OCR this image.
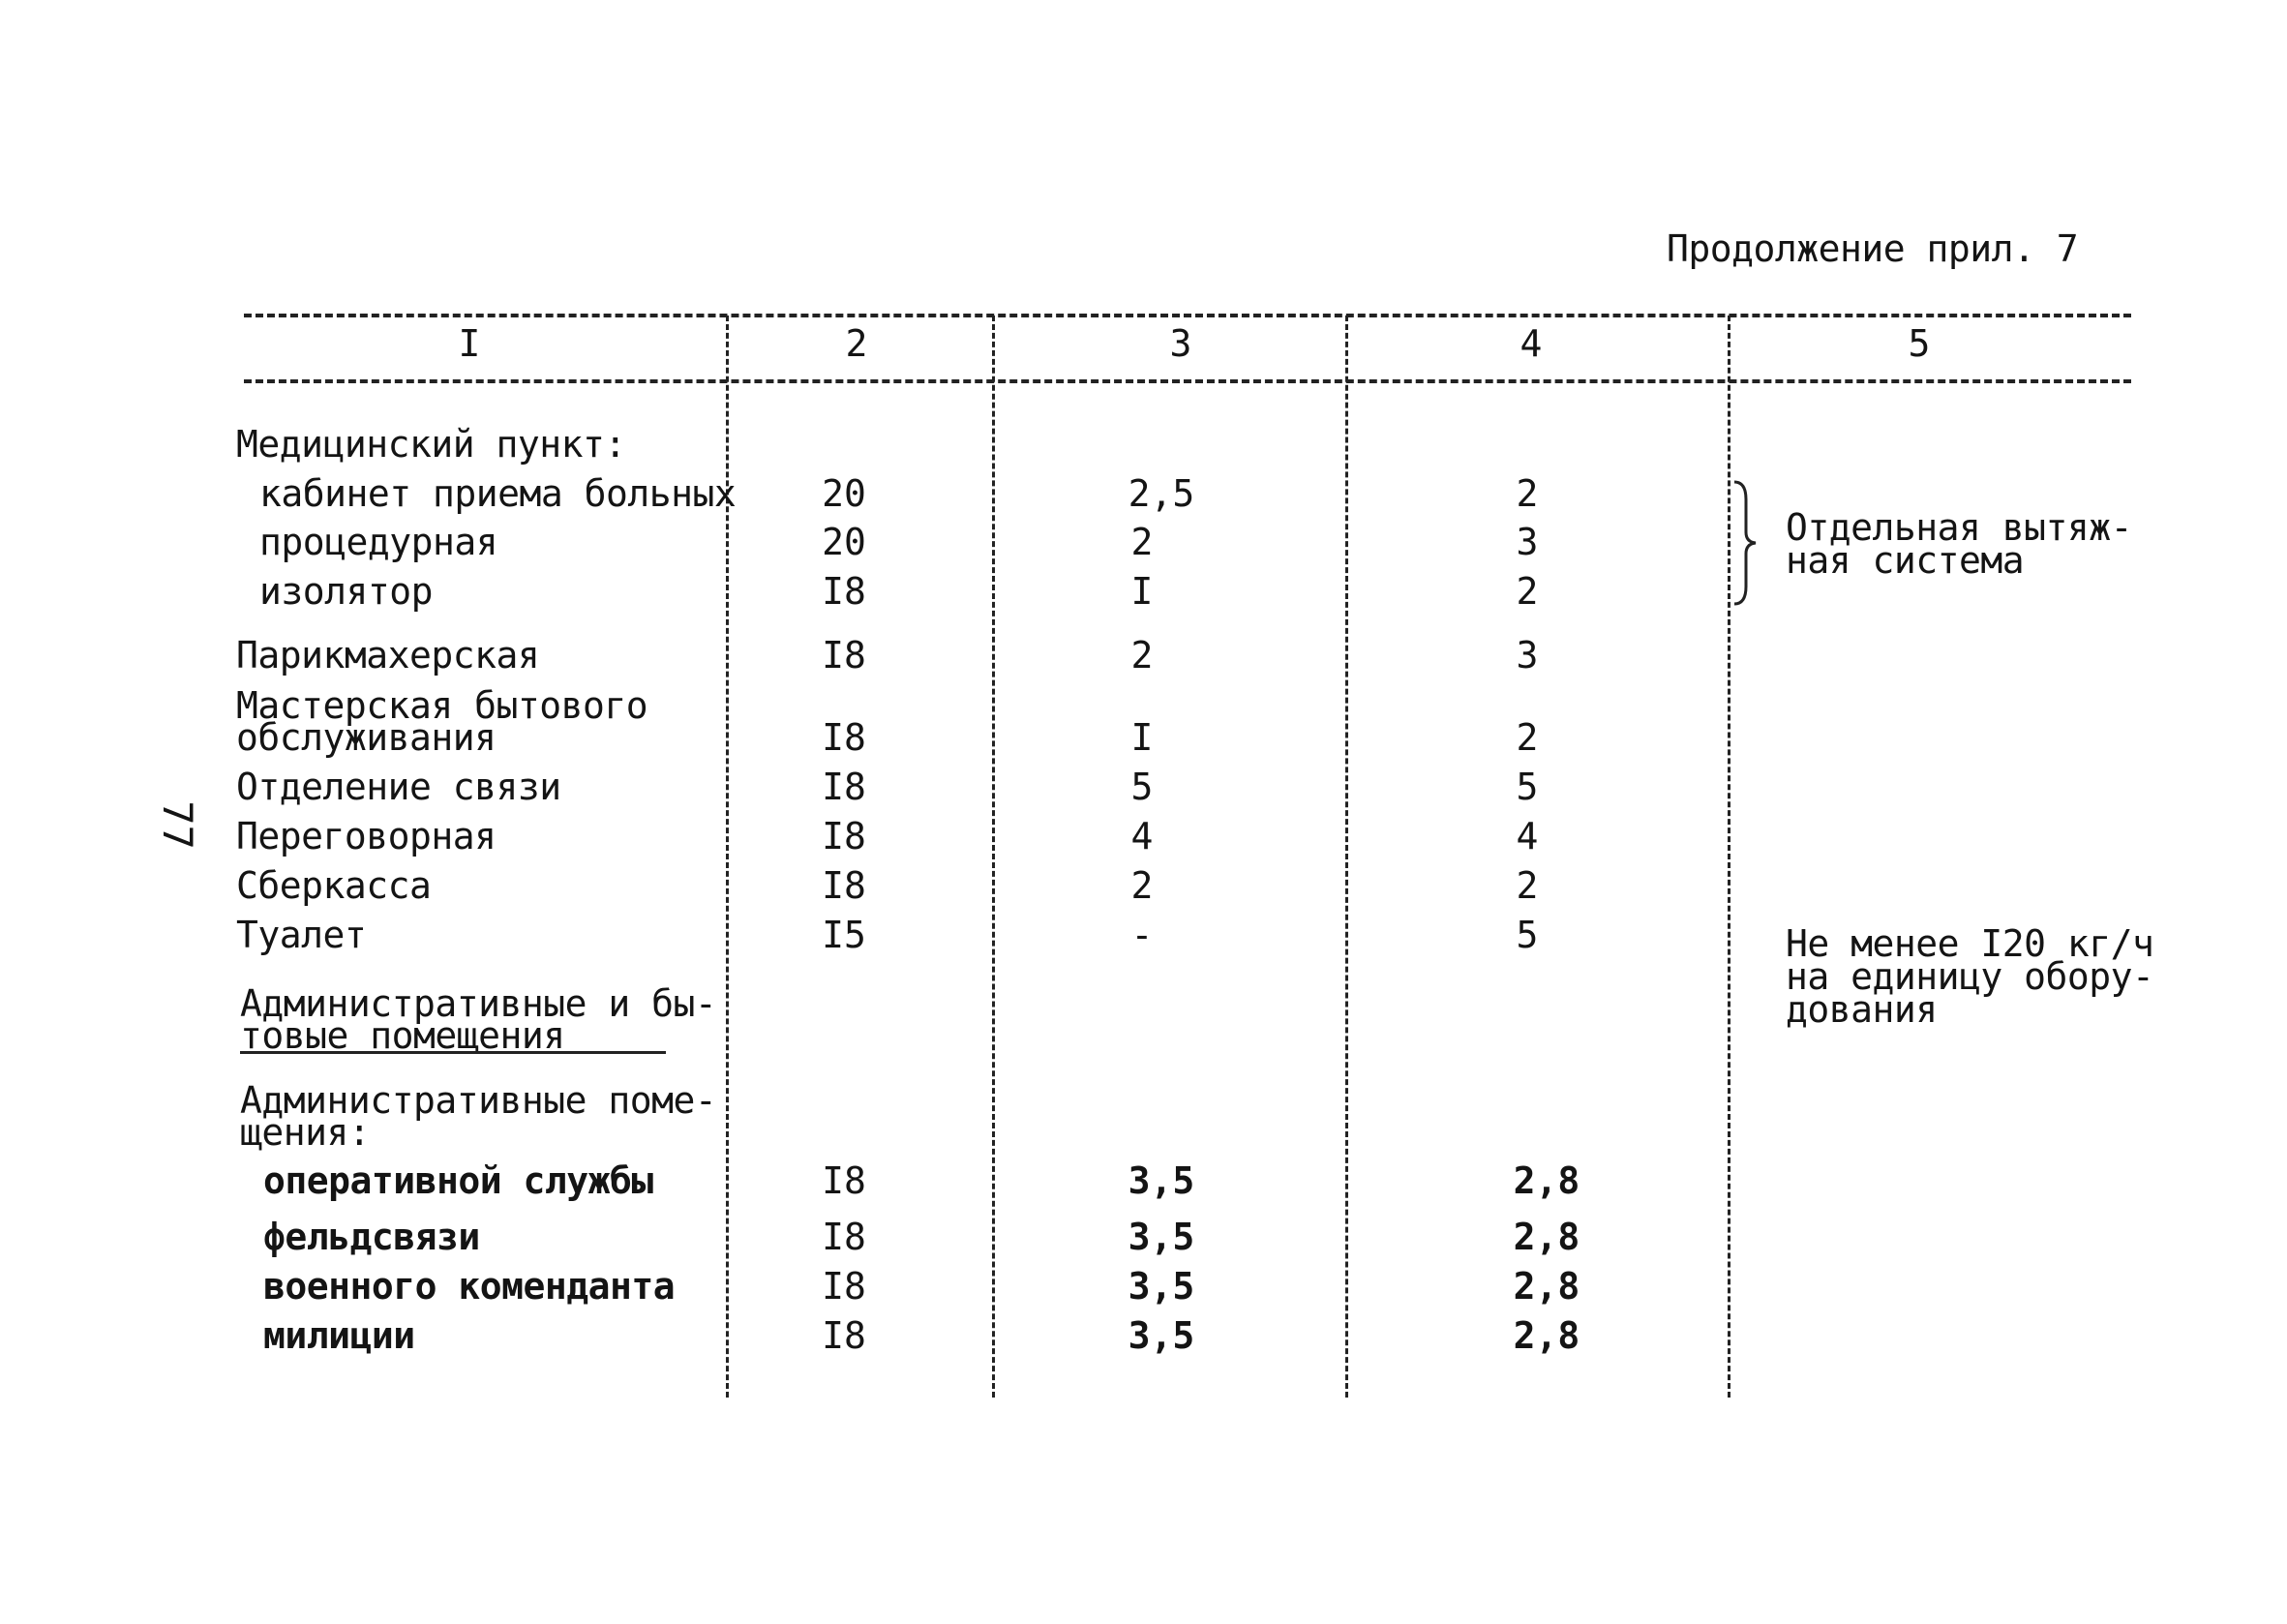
Продолжение прил. 7
77
I	2	3	4	5
Медицинский пункт:
кабинет приема больных 20	2,5	2
процедурная	20	2	3
изолятор	I8	I	2
Отдельная вытяж-
ная система
Парикмахерская	I8	2	3
Мастерская бытового
обслуживания	I8	I	2
Отделение связи	I8	5	5
Переговорная	I8	4	4
Сберкасса	I8	2	2
Туалет	I5	-	5	Не менее I20 кг/ч
на единицу обору-
дования
Административные и бы-
товые помещения
Административные поме-
щения:
оперативной службы	I8	3,5	2,8
фельдсвязи	I8	3,5	2,8
военного коменданта	I8	3,5	2,8
милиции	I8	3,5	2,8
